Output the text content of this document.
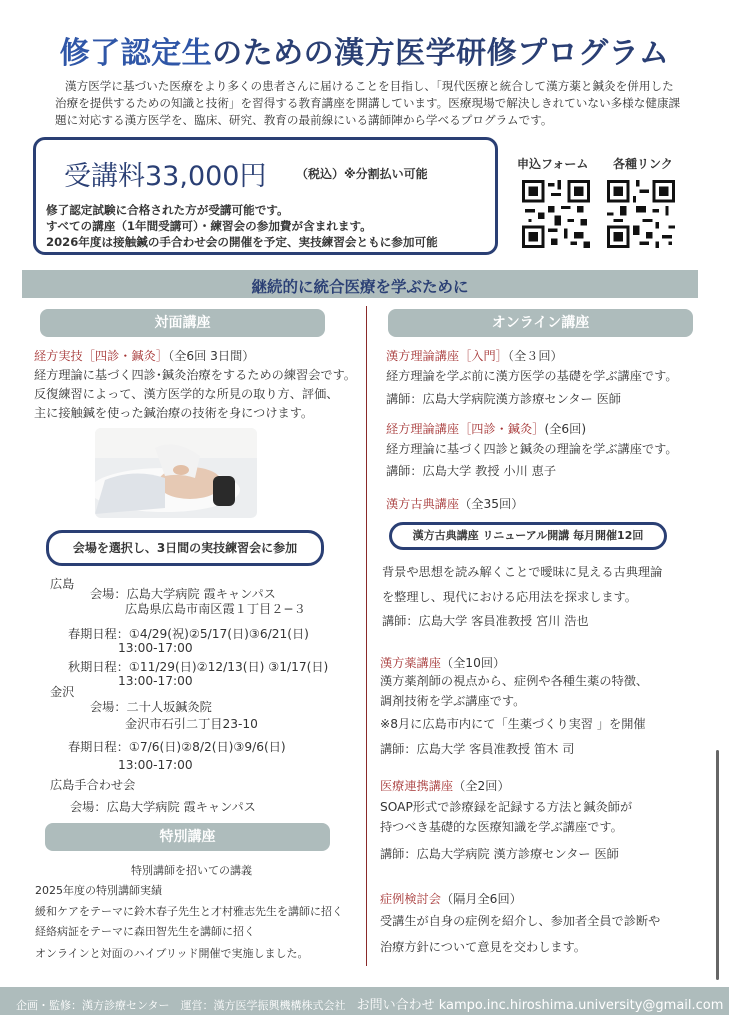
修了認定生のための漢方医学研修プログラム
漢方医学に基づいた医療をより多くの患者さんに届けることを目指し、「現代医療と統合して漢方薬と鍼灸を併用した 治療を提供するための知識と技術」を習得する教育講座を開講しています。医療現場で解決しきれていない多様な健康課題に対応する漢方医学を、臨床、研究、教育の最前線にいる講師陣から学べるプログラムです。
受講料33,000円 （税込）※分割払い可能
修了認定試験に合格された方が受講可能です。
すべての講座（1年間受講可）・練習会の参加費が含まれます。
2026年度は接触鍼の手合わせ会の開催を予定、実技練習会ともに参加可能
申込フォーム 各種リンク
継続的に統合医療を学ぶために
対面講座
経方実技［四診・鍼灸］（全6回 3日間）
経方理論に基づく四診･鍼灸治療をするための練習会です。
反復練習によって、漢方医学的な所見の取り方、評価、
主に接触鍼を使った鍼治療の技術を身につけます。
会場を選択し、3日間の実技練習会に参加
広島
会場：広島大学病院 霞キャンパス
広島県広島市南区霞１丁目２−３
春期日程：①4/29(祝)②5/17(日)③6/21(日)
13:00-17:00
秋期日程：①11/29(日)②12/13(日) ③1/17(日)
13:00-17:00
金沢
会場：二十人坂鍼灸院
金沢市石引二丁目23-10
春期日程：①7/6(日)②8/2(日)③9/6(日)
13:00-17:00
広島手合わせ会
会場：広島大学病院 霞キャンパス
特別講座
特別講師を招いての講義
2025年度の特別講師実績
緩和ケアをテーマに鈴木春子先生と才村雅志先生を講師に招く
経絡病証をテーマに森田智先生を講師に招く
オンラインと対面のハイブリッド開催で実施しました。
オンライン講座
漢方理論講座［入門］（全３回）
経方理論を学ぶ前に漢方医学の基礎を学ぶ講座です。
講師：広島大学病院漢方診療センター 医師
経方理論講座［四診・鍼灸］(全6回)
経方理論に基づく四診と鍼灸の理論を学ぶ講座です。
講師：広島大学 教授 小川 恵子
漢方古典講座（全35回）
漢方古典講座 リニューアル開講 毎月開催12回
背景や思想を読み解くことで曖昧に見える古典理論
を整理し、現代における応用法を探求します。
講師：広島大学 客員准教授 宮川 浩也
漢方薬講座（全10回）
漢方薬剤師の視点から、症例や各種生薬の特徴、
調剤技術を学ぶ講座です。
※8月に広島市内にて「生薬づくり実習 」を開催
講師：広島大学 客員准教授 笛木 司
医療連携講座（全2回）
SOAP形式で診療録を記録する方法と鍼灸師が
持つべき基礎的な医療知識を学ぶ講座です。
講師：広島大学病院 漢方診療センター 医師
症例検討会（隔月全6回）
受講生が自身の症例を紹介し、参加者全員で診断や
治療方針について意見を交わします。
企画・監修：漢方診療センター　運営：漢方医学振興機構株式会社　 お問い合わせ kampo.inc.hiroshima.university@gmail.com
